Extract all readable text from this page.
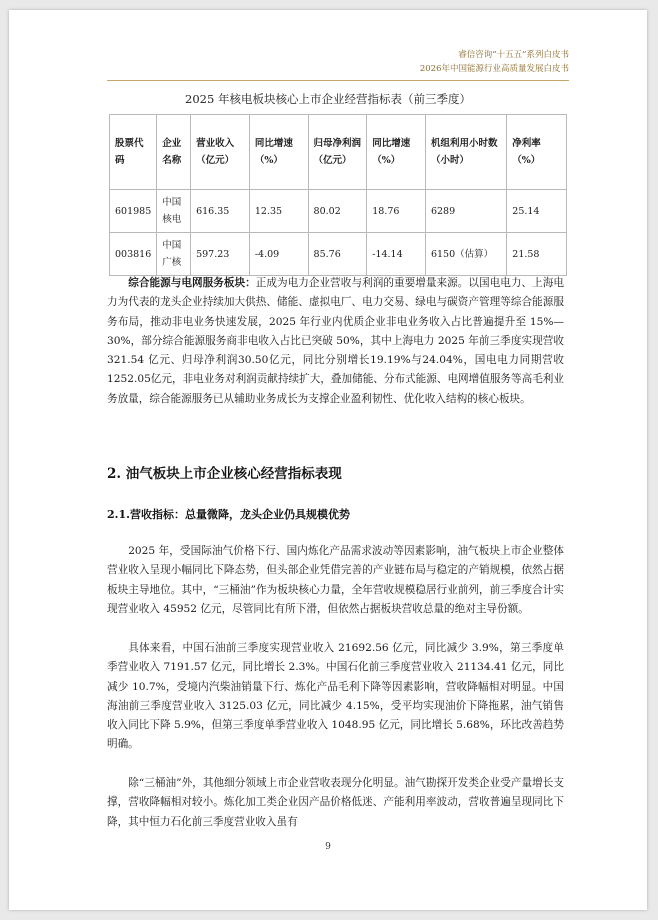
睿信咨询“十五五”系列白皮书
2026年中国能源行业高质量发展白皮书
2025 年核电板块核心上市企业经营指标表（前三季度）
股票代码	企业名称	营业收入（亿元）	同比增速（%）	归母净利润（亿元）	同比增速（%）	机组利用小时数（小时）	净利率（%）
601985	中国核电	616.35	12.35	80.02	18.76	6289	25.14
003816	中国广核	597.23	-4.09	85.76	-14.14	6150（估算）	21.58

综合能源与电网服务板块：正成为电力企业营收与利润的重要增量来源。以国电电力、上海电力为代表的龙头企业持续加大供热、储能、虚拟电厂、电力交易、绿电与碳资产管理等综合能源服务布局，推动非电业务快速发展，2025 年行业内优质企业非电业务收入占比普遍提升至 15%—30%，部分综合能源服务商非电收入占比已突破 50%，其中上海电力 2025 年前三季度实现营收 321.54 亿元、归母净利润30.50亿元，同比分别增长19.19%与24.04%，国电电力同期营收1252.05亿元，非电业务对利润贡献持续扩大，叠加储能、分布式能源、电网增值服务等高毛利业务放量，综合能源服务已从辅助业务成长为支撑企业盈利韧性、优化收入结构的核心板块。

2. 油气板块上市企业核心经营指标表现
2.1.营收指标：总量微降，龙头企业仍具规模优势

2025 年，受国际油气价格下行、国内炼化产品需求波动等因素影响，油气板块上市企业整体营业收入呈现小幅同比下降态势，但头部企业凭借完善的产业链布局与稳定的产销规模，依然占据板块主导地位。其中，“三桶油”作为板块核心力量，全年营收规模稳居行业前列，前三季度合计实现营业收入 45952 亿元，尽管同比有所下滑，但依然占据板块营收总量的绝对主导份额。

具体来看，中国石油前三季度实现营业收入 21692.56 亿元，同比减少 3.9%，第三季度单季营业收入 7191.57 亿元，同比增长 2.3%。中国石化前三季度营业收入 21134.41 亿元，同比减少 10.7%，受境内汽柴油销量下行、炼化产品毛利下降等因素影响，营收降幅相对明显。中国海油前三季度营业收入 3125.03 亿元，同比减少 4.15%，受平均实现油价下降拖累，油气销售收入同比下降 5.9%，但第三季度单季营业收入 1048.95 亿元，同比增长 5.68%，环比改善趋势明确。

除“三桶油”外，其他细分领域上市企业营收表现分化明显。油气勘探开发类企业受产量增长支撑，营收降幅相对较小。炼化加工类企业因产品价格低迷、产能利用率波动，营收普遍呈现同比下降，其中恒力石化前三季度营业收入虽有

9
